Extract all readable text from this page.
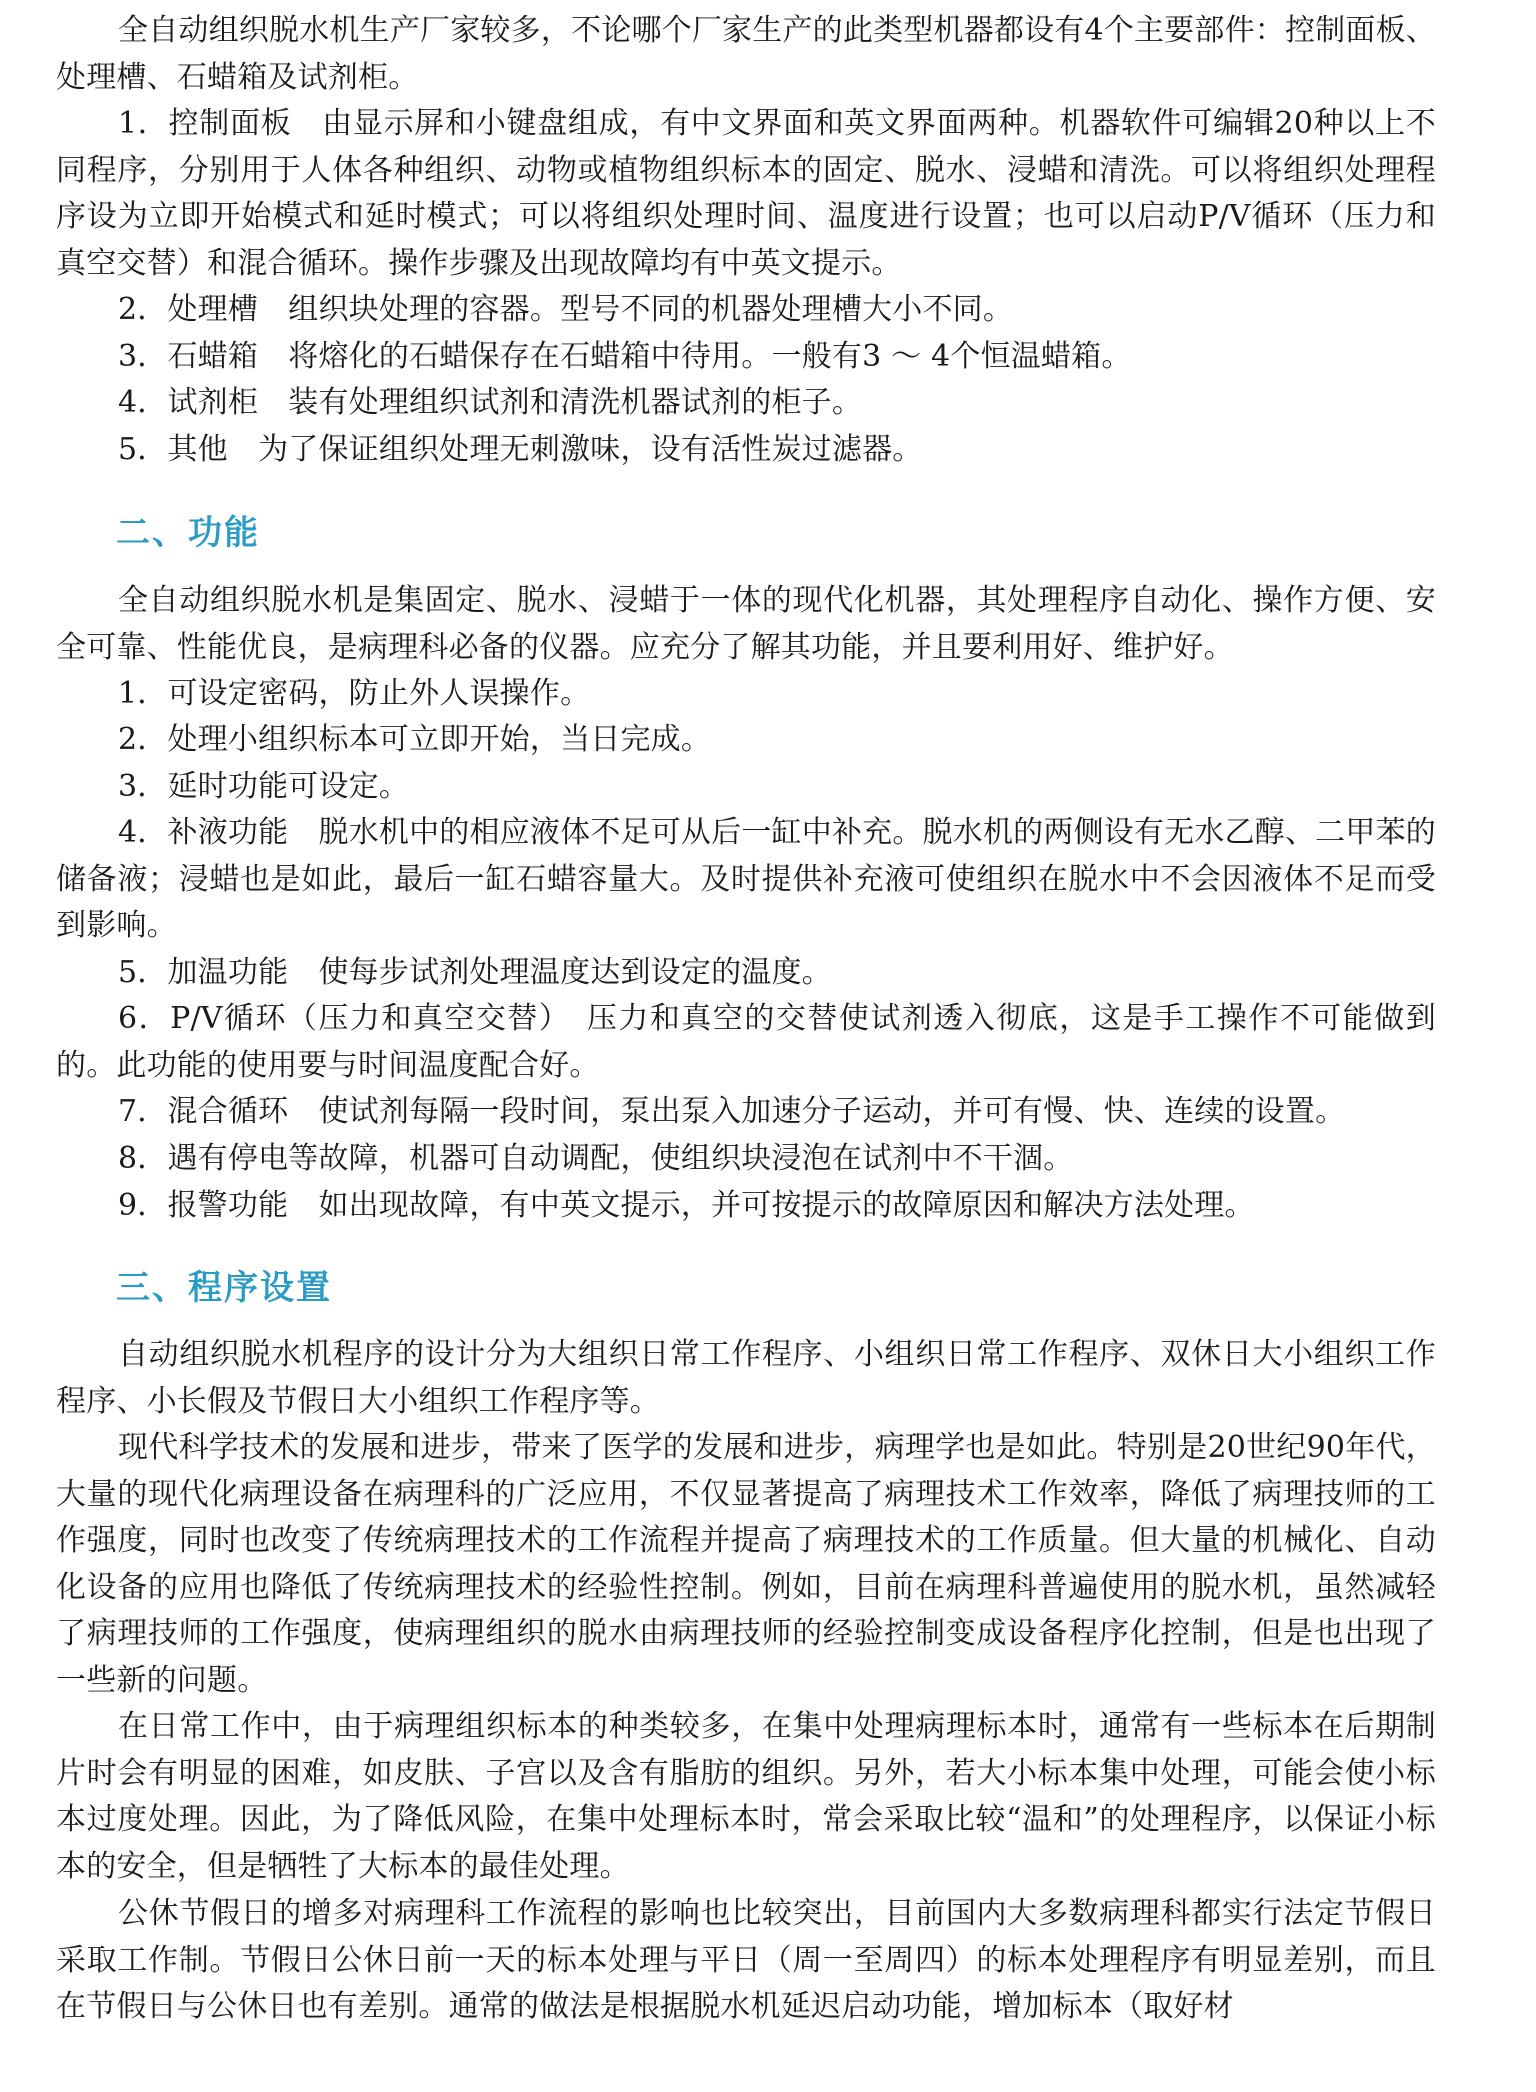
全自动组织脱水机生产厂家较多，不论哪个厂家生产的此类型机器都设有4个主要部件：控制面板、处理槽、石蜡箱及试剂柜。

1．控制面板　由显示屏和小键盘组成，有中文界面和英文界面两种。机器软件可编辑20种以上不同程序，分别用于人体各种组织、动物或植物组织标本的固定、脱水、浸蜡和清洗。可以将组织处理程序设为立即开始模式和延时模式；可以将组织处理时间、温度进行设置；也可以启动P/V循环（压力和真空交替）和混合循环。操作步骤及出现故障均有中英文提示。

2．处理槽　组织块处理的容器。型号不同的机器处理槽大小不同。

3．石蜡箱　将熔化的石蜡保存在石蜡箱中待用。一般有3 ～ 4个恒温蜡箱。

4．试剂柜　装有处理组织试剂和清洗机器试剂的柜子。

5．其他　为了保证组织处理无刺激味，设有活性炭过滤器。

二、功能

全自动组织脱水机是集固定、脱水、浸蜡于一体的现代化机器，其处理程序自动化、操作方便、安全可靠、性能优良，是病理科必备的仪器。应充分了解其功能，并且要利用好、维护好。

1．可设定密码，防止外人误操作。

2．处理小组织标本可立即开始，当日完成。

3．延时功能可设定。

4．补液功能　脱水机中的相应液体不足可从后一缸中补充。脱水机的两侧设有无水乙醇、二甲苯的储备液；浸蜡也是如此，最后一缸石蜡容量大。及时提供补充液可使组织在脱水中不会因液体不足而受到影响。

5．加温功能　使每步试剂处理温度达到设定的温度。

6．P/V循环（压力和真空交替）　压力和真空的交替使试剂透入彻底，这是手工操作不可能做到的。此功能的使用要与时间温度配合好。

7．混合循环　使试剂每隔一段时间，泵出泵入加速分子运动，并可有慢、快、连续的设置。

8．遇有停电等故障，机器可自动调配，使组织块浸泡在试剂中不干涸。

9．报警功能　如出现故障，有中英文提示，并可按提示的故障原因和解决方法处理。

三、程序设置

自动组织脱水机程序的设计分为大组织日常工作程序、小组织日常工作程序、双休日大小组织工作程序、小长假及节假日大小组织工作程序等。

现代科学技术的发展和进步，带来了医学的发展和进步，病理学也是如此。特别是20世纪90年代，大量的现代化病理设备在病理科的广泛应用，不仅显著提高了病理技术工作效率，降低了病理技师的工作强度，同时也改变了传统病理技术的工作流程并提高了病理技术的工作质量。但大量的机械化、自动化设备的应用也降低了传统病理技术的经验性控制。例如，目前在病理科普遍使用的脱水机，虽然减轻了病理技师的工作强度，使病理组织的脱水由病理技师的经验控制变成设备程序化控制，但是也出现了一些新的问题。

在日常工作中，由于病理组织标本的种类较多，在集中处理病理标本时，通常有一些标本在后期制片时会有明显的困难，如皮肤、子宫以及含有脂肪的组织。另外，若大小标本集中处理，可能会使小标本过度处理。因此，为了降低风险，在集中处理标本时，常会采取比较“温和”的处理程序，以保证小标本的安全，但是牺牲了大标本的最佳处理。

公休节假日的增多对病理科工作流程的影响也比较突出，目前国内大多数病理科都实行法定节假日采取工作制。节假日公休日前一天的标本处理与平日（周一至周四）的标本处理程序有明显差别，而且在节假日与公休日也有差别。通常的做法是根据脱水机延迟启动功能，增加标本（取好材
